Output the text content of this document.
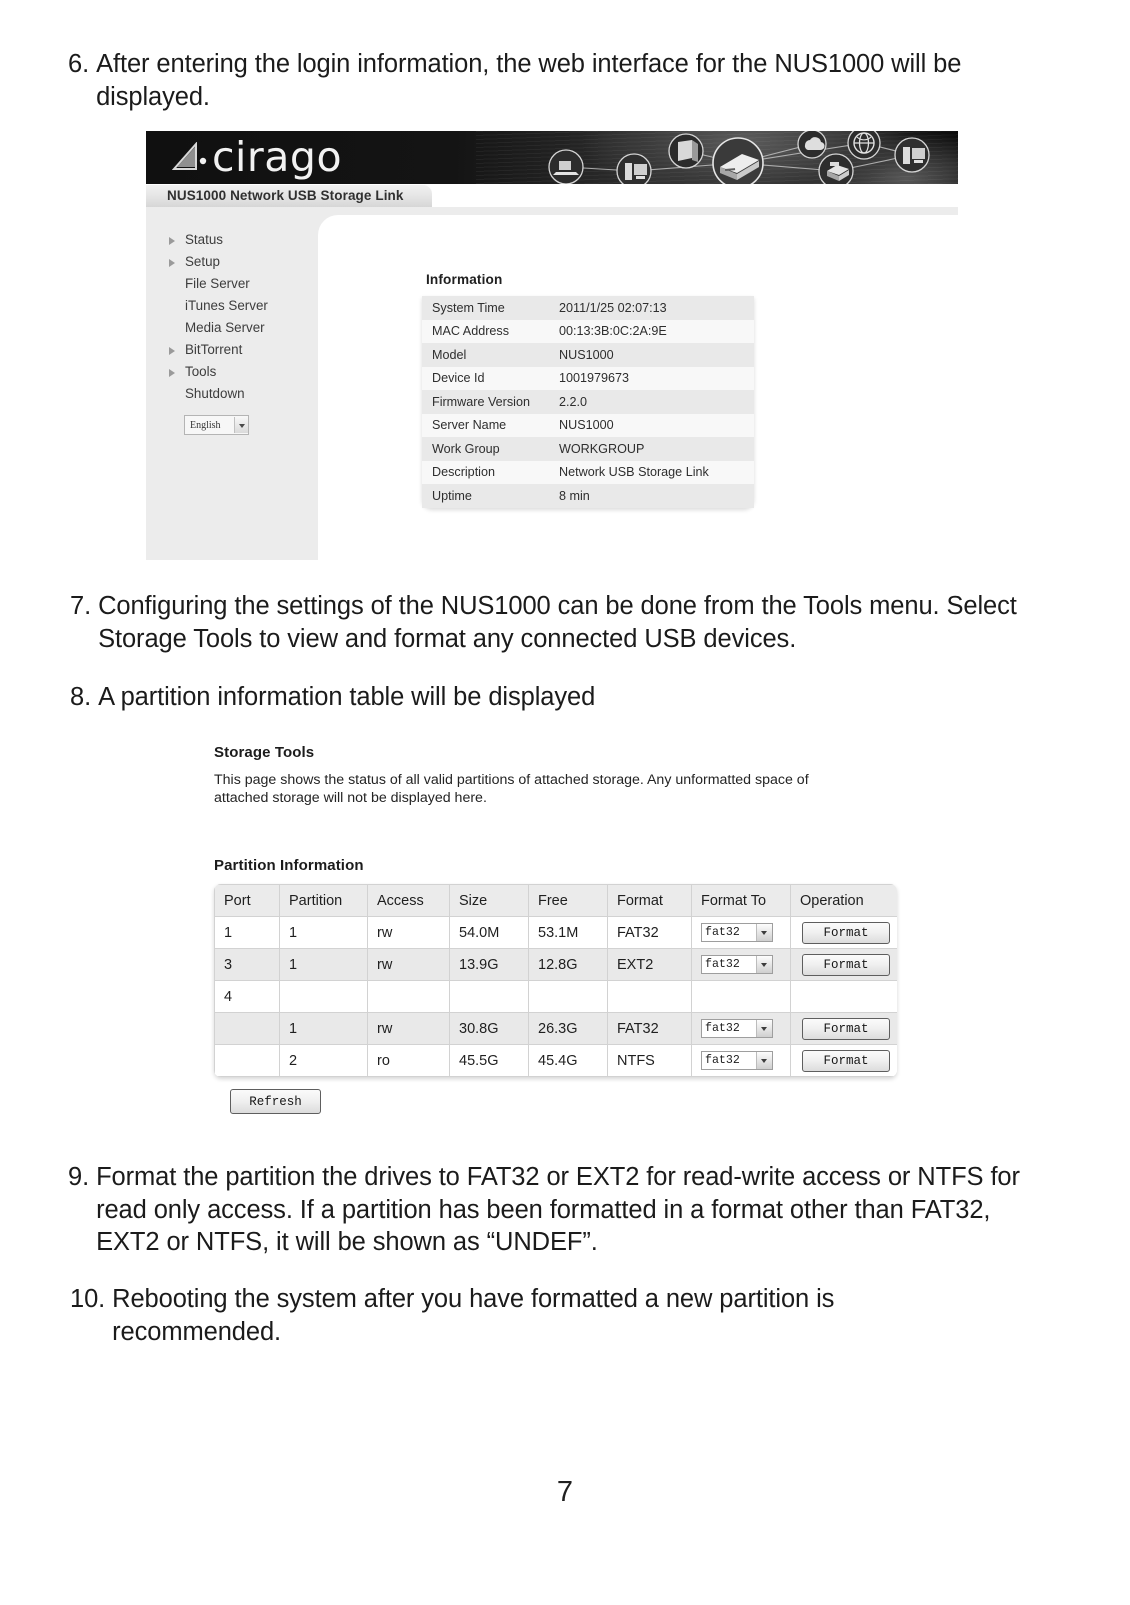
6. After entering the login information, the web interface for the NUS1000 will be displayed.
cirago
NUS1000 Network USB Storage Link
Information
System Time	2011/1/25 02:07:13
MAC Address	00:13:3B:0C:2A:9E
Model	NUS1000
Device Id	1001979673
Firmware Version	2.2.0
Server Name	NUS1000
Work Group	WORKGROUP
Description	Network USB Storage Link
Uptime	8 min
Status
Setup
File Server
iTunes Server
Media Server
BitTorrent
Tools
Shutdown
English
7. Configuring the settings of the NUS1000 can be done from the Tools menu. Select Storage Tools to view and format any connected USB devices.
8. A partition information table will be displayed
Storage Tools
This page shows the status of all valid partitions of attached storage. Any unformatted space of attached storage will not be displayed here.
Partition Information
Port	Partition	Access	Size	Free	Format	Format To	Operation
1	1	rw	54.0M	53.1M	FAT32	fat32	Format
3	1	rw	13.9G	12.8G	EXT2	fat32	Format
4							
	1	rw	30.8G	26.3G	FAT32	fat32	Format
	2	ro	45.5G	45.4G	NTFS	fat32	Format
Refresh
9. Format the partition the drives to FAT32 or EXT2 for read-write access or NTFS for read only access. If a partition has been formatted in a format other than FAT32, EXT2 or NTFS, it will be shown as “UNDEF”.
10. Rebooting the system after you have formatted a new partition is recommended.
7
